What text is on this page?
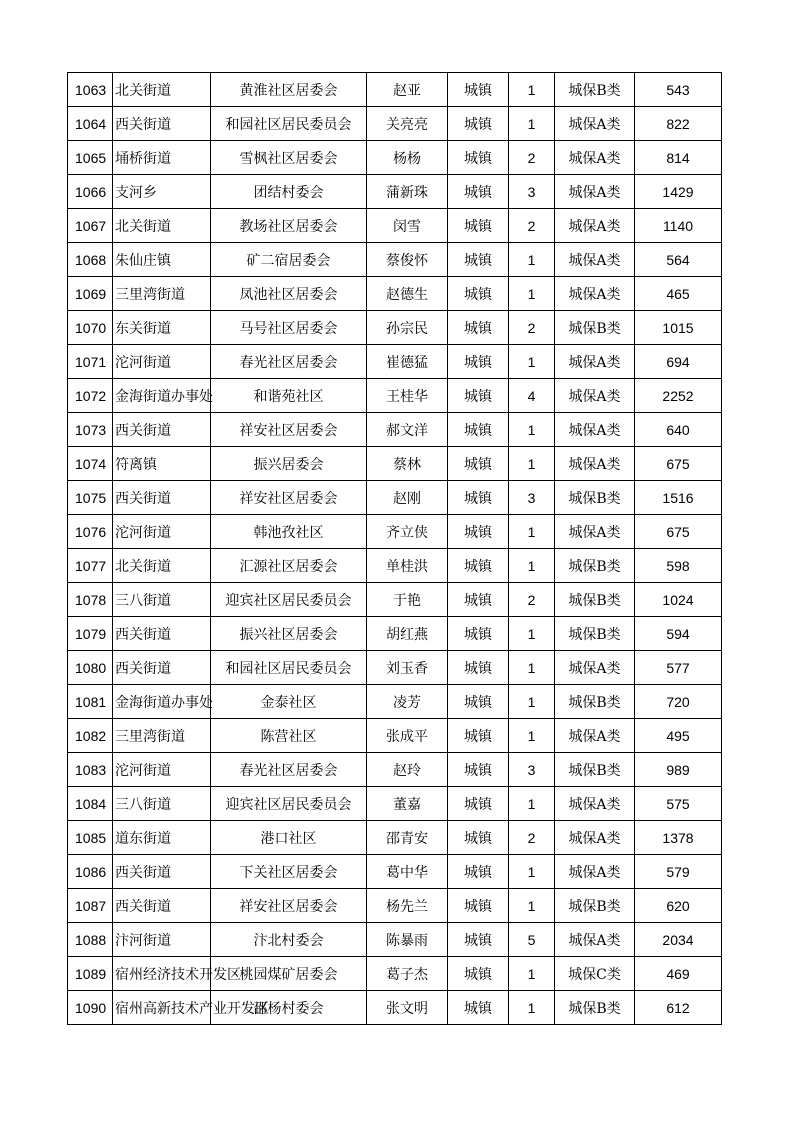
1063	北关街道	黄淮社区居委会	赵亚	城镇	1	城保B类	543
1064	西关街道	和园社区居民委员会	关亮亮	城镇	1	城保A类	822
1065	埇桥街道	雪枫社区居委会	杨杨	城镇	2	城保A类	814
1066	支河乡	团结村委会	蒲新珠	城镇	3	城保A类	1429
1067	北关街道	教场社区居委会	闵雪	城镇	2	城保A类	1140
1068	朱仙庄镇	矿二宿居委会	蔡俊怀	城镇	1	城保A类	564
1069	三里湾街道	凤池社区居委会	赵德生	城镇	1	城保A类	465
1070	东关街道	马号社区居委会	孙宗民	城镇	2	城保B类	1015
1071	沱河街道	春光社区居委会	崔德猛	城镇	1	城保A类	694
1072	金海街道办事处	和谐苑社区	王桂华	城镇	4	城保A类	2252
1073	西关街道	祥安社区居委会	郝文洋	城镇	1	城保A类	640
1074	符离镇	振兴居委会	蔡林	城镇	1	城保A类	675
1075	西关街道	祥安社区居委会	赵刚	城镇	3	城保B类	1516
1076	沱河街道	韩池孜社区	齐立侠	城镇	1	城保A类	675
1077	北关街道	汇源社区居委会	单桂洪	城镇	1	城保B类	598
1078	三八街道	迎宾社区居民委员会	于艳	城镇	2	城保B类	1024
1079	西关街道	振兴社区居委会	胡红燕	城镇	1	城保B类	594
1080	西关街道	和园社区居民委员会	刘玉香	城镇	1	城保A类	577
1081	金海街道办事处	金泰社区	凌芳	城镇	1	城保B类	720
1082	三里湾街道	陈营社区	张成平	城镇	1	城保A类	495
1083	沱河街道	春光社区居委会	赵玲	城镇	3	城保B类	989
1084	三八街道	迎宾社区居民委员会	董嘉	城镇	1	城保A类	575
1085	道东街道	港口社区	邵青安	城镇	2	城保A类	1378
1086	西关街道	下关社区居委会	葛中华	城镇	1	城保A类	579
1087	西关街道	祥安社区居委会	杨先兰	城镇	1	城保B类	620
1088	汴河街道	汴北村委会	陈暴雨	城镇	5	城保A类	2034
1089	宿州经济技术开发区	桃园煤矿居委会	葛子杰	城镇	1	城保C类	469
1090	宿州高新技术产业开发区	邵杨村委会	张文明	城镇	1	城保B类	612
